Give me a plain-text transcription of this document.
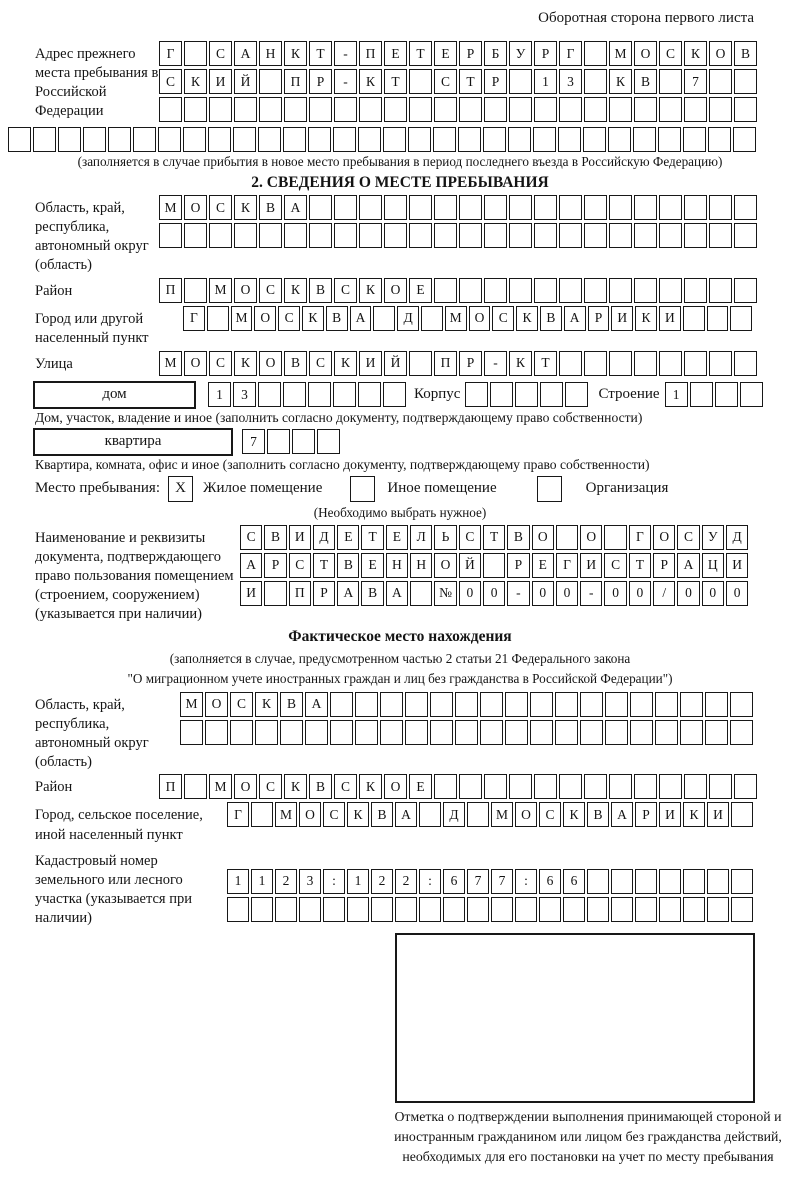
Оборотная сторона первого листа
Адрес прежнего места пребывания в Российской Федерации
Г	С	А	Н	К	Т	-	П	Е	Т	Е	Р	Б	У	Р	Г	М	О	С	К	О	В
С	К	И	Й	П	Р	-	К	Т	С	Т	Р	1	3	К	В	7
(заполняется в случае прибытия в новое место пребывания в период последнего въезда в Российскую Федерацию)
2. СВЕДЕНИЯ О МЕСТЕ ПРЕБЫВАНИЯ
Область, край, республика, автономный округ (область)
М	О	С	К	В	А
Район	П	М	О	С	К	В	С	К	О	Е
Город или другой населенный пункт
Г	М О	С	К	В	А	Д	М О	С	К	В	А	Р	И	К	И
Улица	М	О	С	К	О	В	С	К	И	Й	П	Р	-	К	Т
дом	1	3	Корпус	Строение 1
Дом, участок, владение и иное (заполнить согласно документу, подтверждающему право собственности)
квартира	7
Квартира, комната, офис и иное (заполнить согласно документу, подтверждающему право собственности)
Место пребывания:	X	Жилое помещение	Иное помещение	Организация
(Необходимо выбрать нужное)
Наименование и реквизиты документа, подтверждающего право пользования помещением (строением, сооружением) (указывается при наличии)
С	В	И	Д	Е	Т	Е	Л	Ь	С	Т	В	О	О	Г	О	С	У	Д
А	Р	С	Т	В	Е	Н	Н	О	Й	Р	Е	Г	И	С	Т	Р	А	Ц	И
И	П	Р	А	В	А	№	0	0	-	0	0	-	0	0	/	0	0	0
Фактическое место нахождения
(заполняется в случае, предусмотренном частью 2 статьи 21 Федерального закона
"О миграционном учете иностранных граждан и лиц без гражданства в Российской Федерации")
Область, край, республика, автономный округ (область)
М	О	С	К	В	А
Район	П	М	О	С	К	В	С	К	О	Е
Город, сельское поселение, иной населенный пункт
Г	М О	С	К	В	А	Д	М О	С	К	В	А	Р	И	К	И
Кадастровый номер земельного или лесного участка (указывается при наличии)
1	1	2	3	:	1	2	2	:	6	7	7	:	6	6
Отметка о подтверждении выполнения принимающей стороной и иностранным гражданином или лицом без гражданства действий, необходимых для его постановки на учет по месту пребывания
